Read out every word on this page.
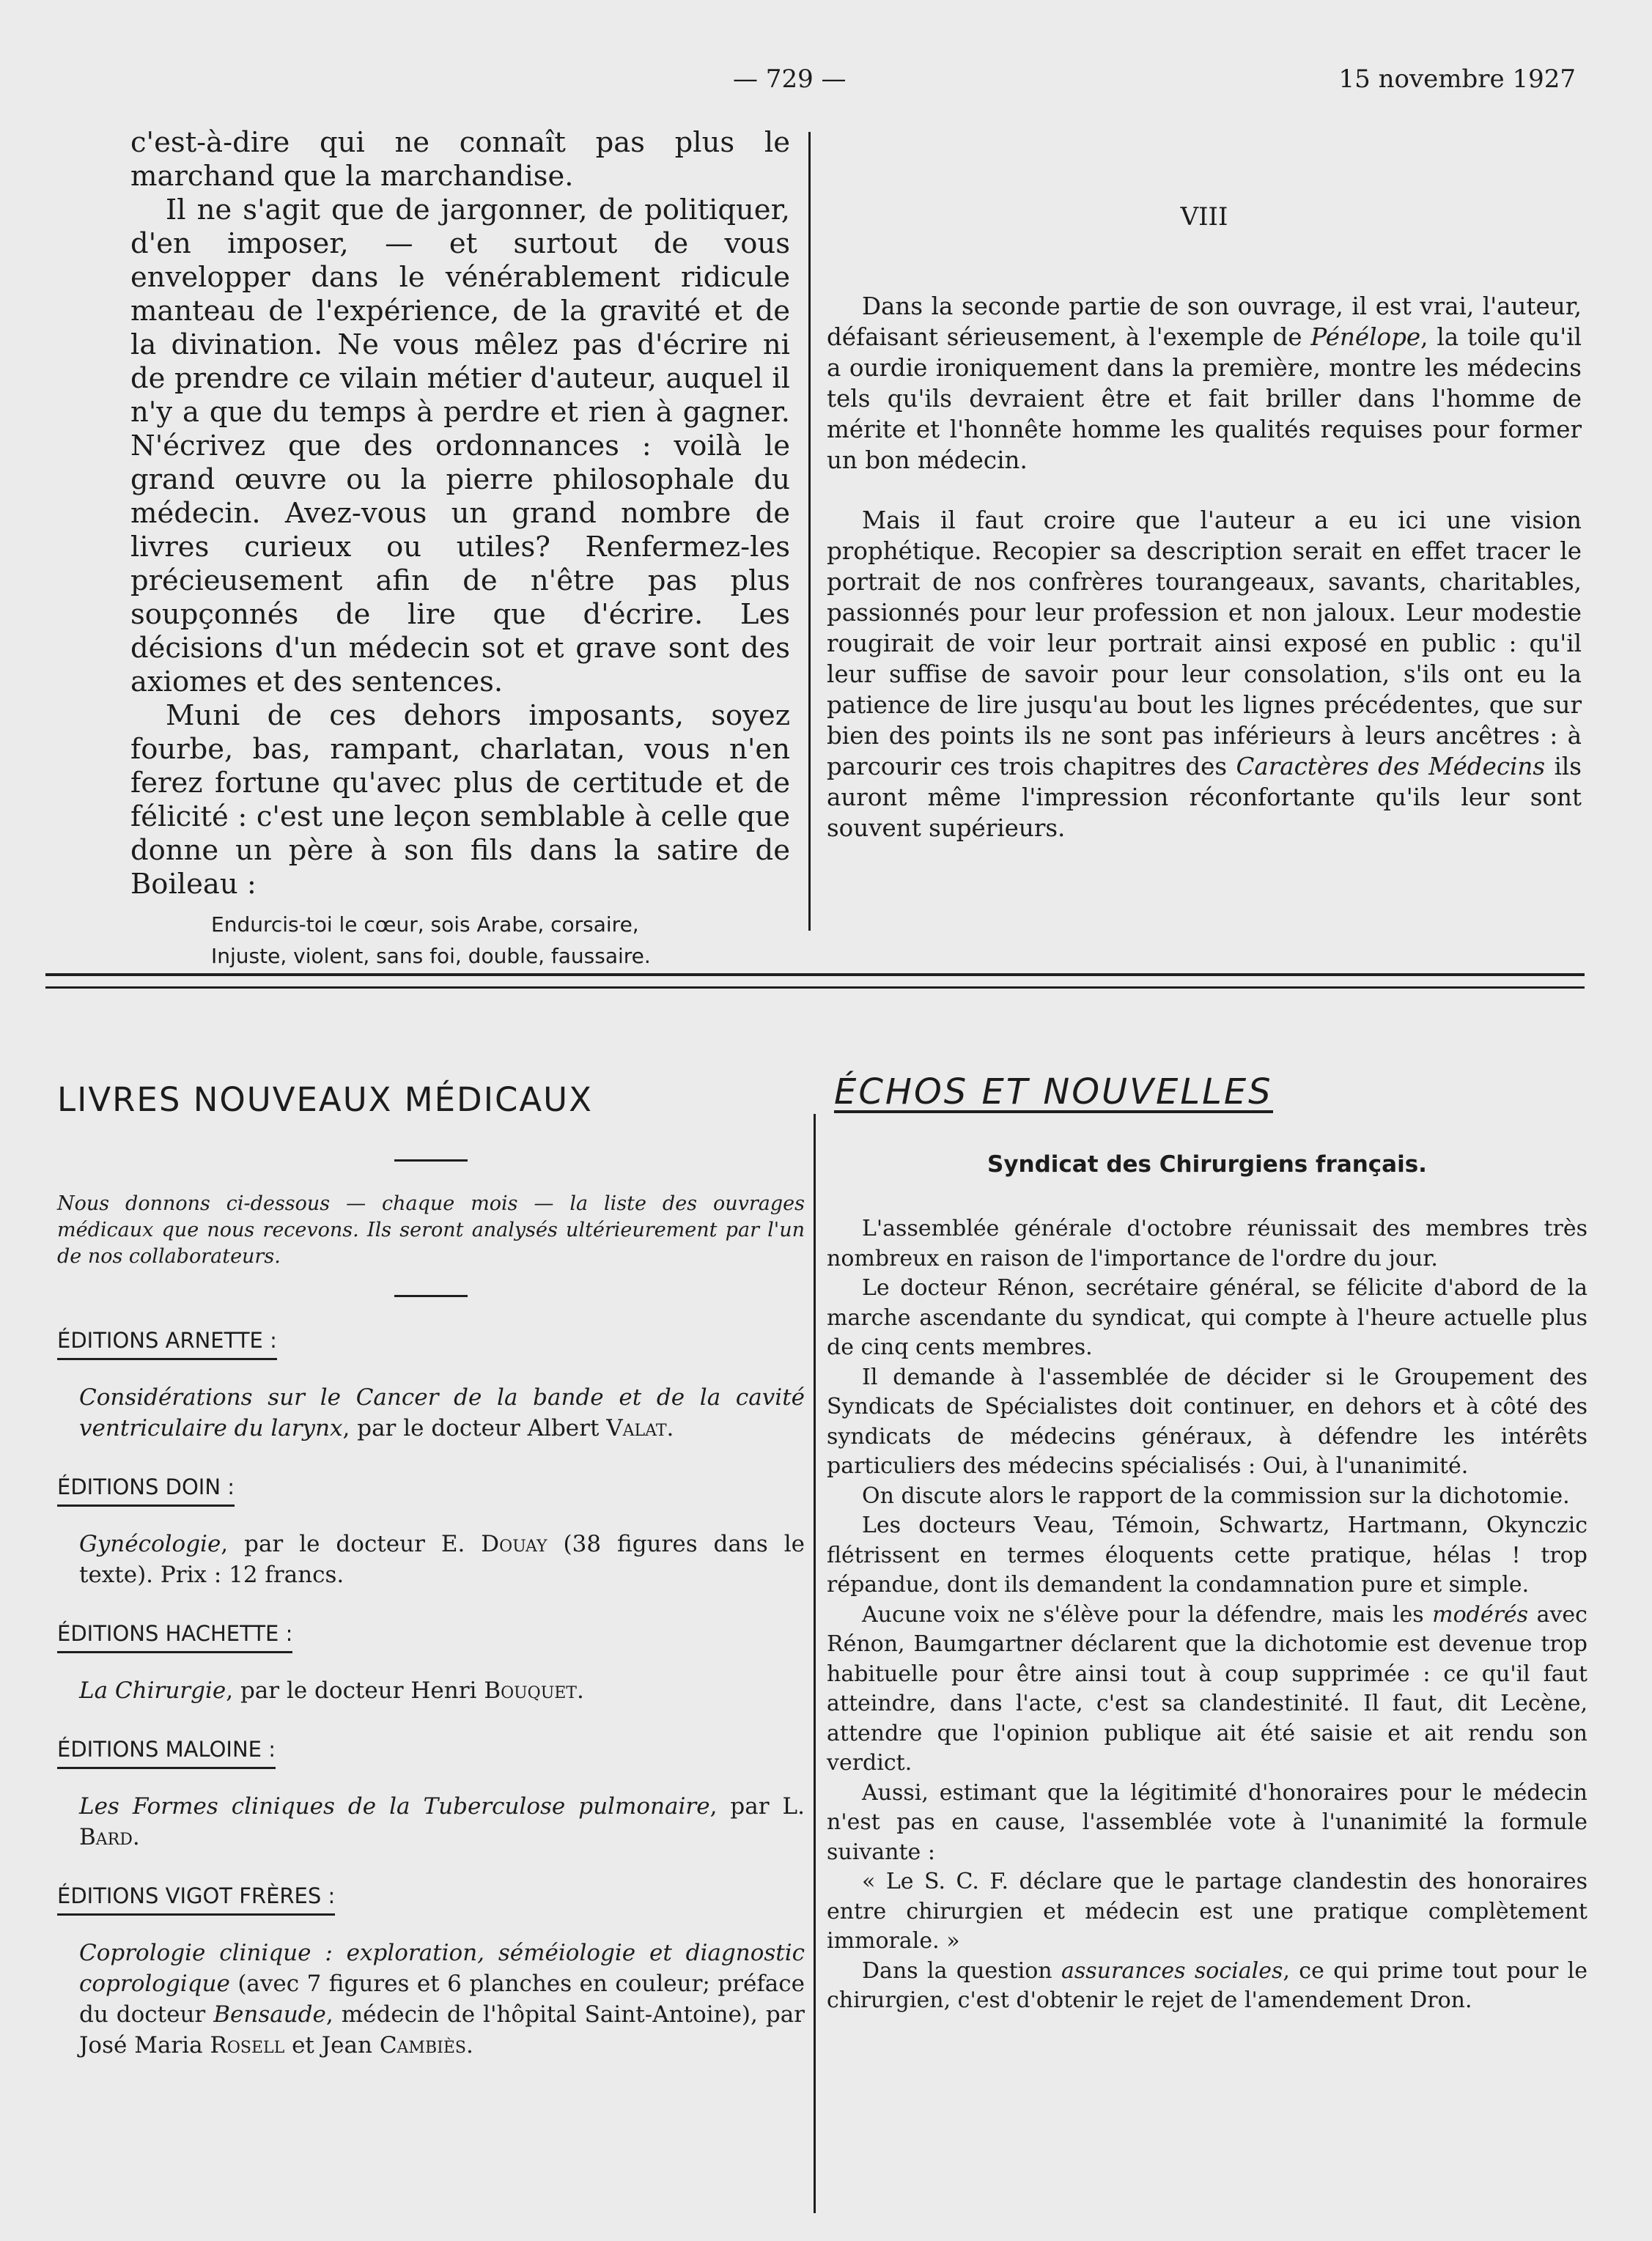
— 729 —	15 novembre 1927

c'est-à-dire qui ne connaît pas plus le marchand que la marchandise.

Il ne s'agit que de jargonner, de politiquer, d'en imposer, — et surtout de vous envelopper dans le vénérablement ridicule manteau de l'expérience, de la gravité et de la divination. Ne vous mêlez pas d'écrire ni de prendre ce vilain métier d'auteur, auquel il n'y a que du temps à perdre et rien à gagner. N'écrivez que des ordonnances : voilà le grand œuvre ou la pierre philosophale du médecin. Avez-vous un grand nombre de livres curieux ou utiles? Renfermez-les précieusement afin de n'être pas plus soupçonnés de lire que d'écrire. Les décisions d'un médecin sot et grave sont des axiomes et des sentences.

Muni de ces dehors imposants, soyez fourbe, bas, rampant, charlatan, vous n'en ferez fortune qu'avec plus de certitude et de félicité : c'est une leçon semblable à celle que donne un père à son fils dans la satire de Boileau :

Endurcis-toi le cœur, sois Arabe, corsaire,
Injuste, violent, sans foi, double, faussaire.
VIII

Dans la seconde partie de son ouvrage, il est vrai, l'auteur, défaisant sérieusement, à l'exemple de Pénélope, la toile qu'il a ourdie ironiquement dans la première, montre les médecins tels qu'ils devraient être et fait briller dans l'homme de mérite et l'honnête homme les qualités requises pour former un bon médecin.

Mais il faut croire que l'auteur a eu ici une vision prophétique. Recopier sa description serait en effet tracer le portrait de nos confrères tourangeaux, savants, charitables, passionnés pour leur profession et non jaloux. Leur modestie rougirait de voir leur portrait ainsi exposé en public : qu'il leur suffise de savoir pour leur consolation, s'ils ont eu la patience de lire jusqu'au bout les lignes précédentes, que sur bien des points ils ne sont pas inférieurs à leurs ancêtres : à parcourir ces trois chapitres des Caractères des Médecins ils auront même l'impression réconfortante qu'ils leur sont souvent supérieurs.

LIVRES NOUVEAUX MÉDICAUX
Nous donnons ci-dessous — chaque mois — la liste des ouvrages médicaux que nous recevons. Ils seront analysés ultérieurement par l'un de nos collaborateurs.
ÉDITIONS ARNETTE :

Considérations sur le Cancer de la bande et de la cavité ventriculaire du larynx, par le docteur Albert Valat.

ÉDITIONS DOIN :

Gynécologie, par le docteur E. Douay (38 figures dans le texte). Prix : 12 francs.

ÉDITIONS HACHETTE :

La Chirurgie, par le docteur Henri Bouquet.

ÉDITIONS MALOINE :

Les Formes cliniques de la Tuberculose pulmonaire, par L. Bard.

ÉDITIONS VIGOT FRÈRES :

Coprologie clinique : exploration, séméiologie et diagnostic coprologique (avec 7 figures et 6 planches en couleur; préface du docteur Bensaude, médecin de l'hôpital Saint-Antoine), par José Maria Rosell et Jean Cambiès.

ÉCHOS ET NOUVELLES
Syndicat des Chirurgiens français.

L'assemblée générale d'octobre réunissait des membres très nombreux en raison de l'importance de l'ordre du jour.

Le docteur Rénon, secrétaire général, se félicite d'abord de la marche ascendante du syndicat, qui compte à l'heure actuelle plus de cinq cents membres.

Il demande à l'assemblée de décider si le Groupement des Syndicats de Spécialistes doit continuer, en dehors et à côté des syndicats de médecins généraux, à défendre les intérêts particuliers des médecins spécialisés : Oui, à l'unanimité.

On discute alors le rapport de la commission sur la dichotomie.

Les docteurs Veau, Témoin, Schwartz, Hartmann, Okynczic flétrissent en termes éloquents cette pratique, hélas ! trop répandue, dont ils demandent la condamnation pure et simple.

Aucune voix ne s'élève pour la défendre, mais les modérés avec Rénon, Baumgartner déclarent que la dichotomie est devenue trop habituelle pour être ainsi tout à coup supprimée : ce qu'il faut atteindre, dans l'acte, c'est sa clandestinité. Il faut, dit Lecène, attendre que l'opinion publique ait été saisie et ait rendu son verdict.

Aussi, estimant que la légitimité d'honoraires pour le médecin n'est pas en cause, l'assemblée vote à l'unanimité la formule suivante :

« Le S. C. F. déclare que le partage clandestin des honoraires entre chirurgien et médecin est une pratique complètement immorale. »

Dans la question assurances sociales, ce qui prime tout pour le chirurgien, c'est d'obtenir le rejet de l'amendement Dron.
